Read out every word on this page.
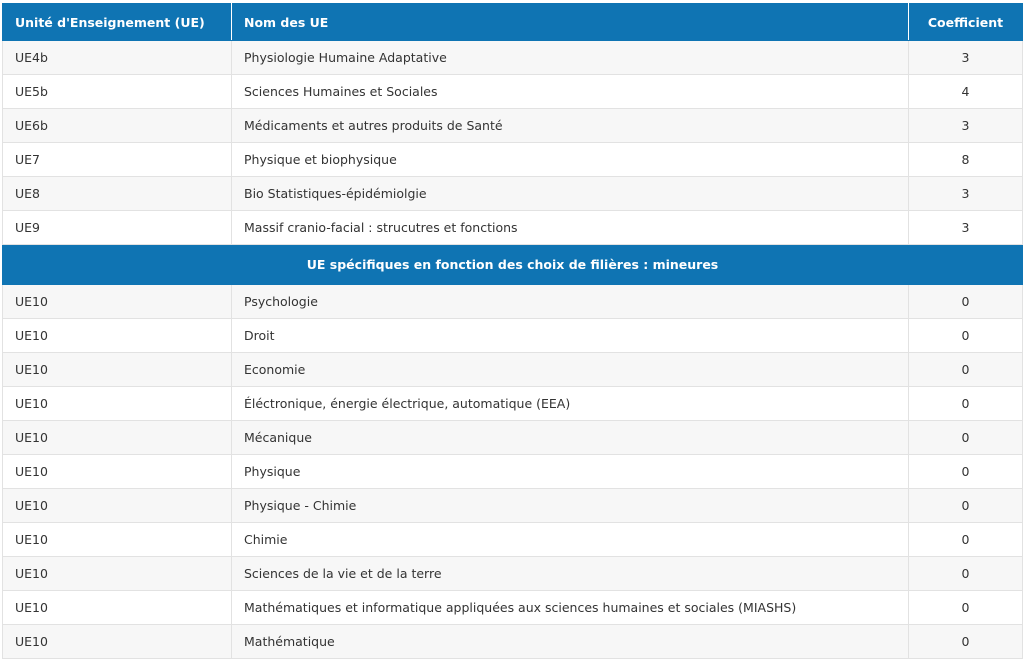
Unité d'Enseignement (UE)	Nom des UE	Coefficient
UE4b	Physiologie Humaine Adaptative	3
UE5b	Sciences Humaines et Sociales	4
UE6b	Médicaments et autres produits de Santé	3
UE7	Physique et biophysique	8
UE8	Bio Statistiques-épidémiolgie	3
UE9	Massif cranio-facial : strucutres et fonctions	3
UE spécifiques en fonction des choix de filières : mineures		
UE10	Psychologie	0
UE10	Droit	0
UE10	Economie	0
UE10	Éléctronique, énergie électrique, automatique (EEA)	0
UE10	Mécanique	0
UE10	Physique	0
UE10	Physique - Chimie	0
UE10	Chimie	0
UE10	Sciences de la vie et de la terre	0
UE10	Mathématiques et informatique appliquées aux sciences humaines et sociales (MIASHS)	0
UE10	Mathématique	0
